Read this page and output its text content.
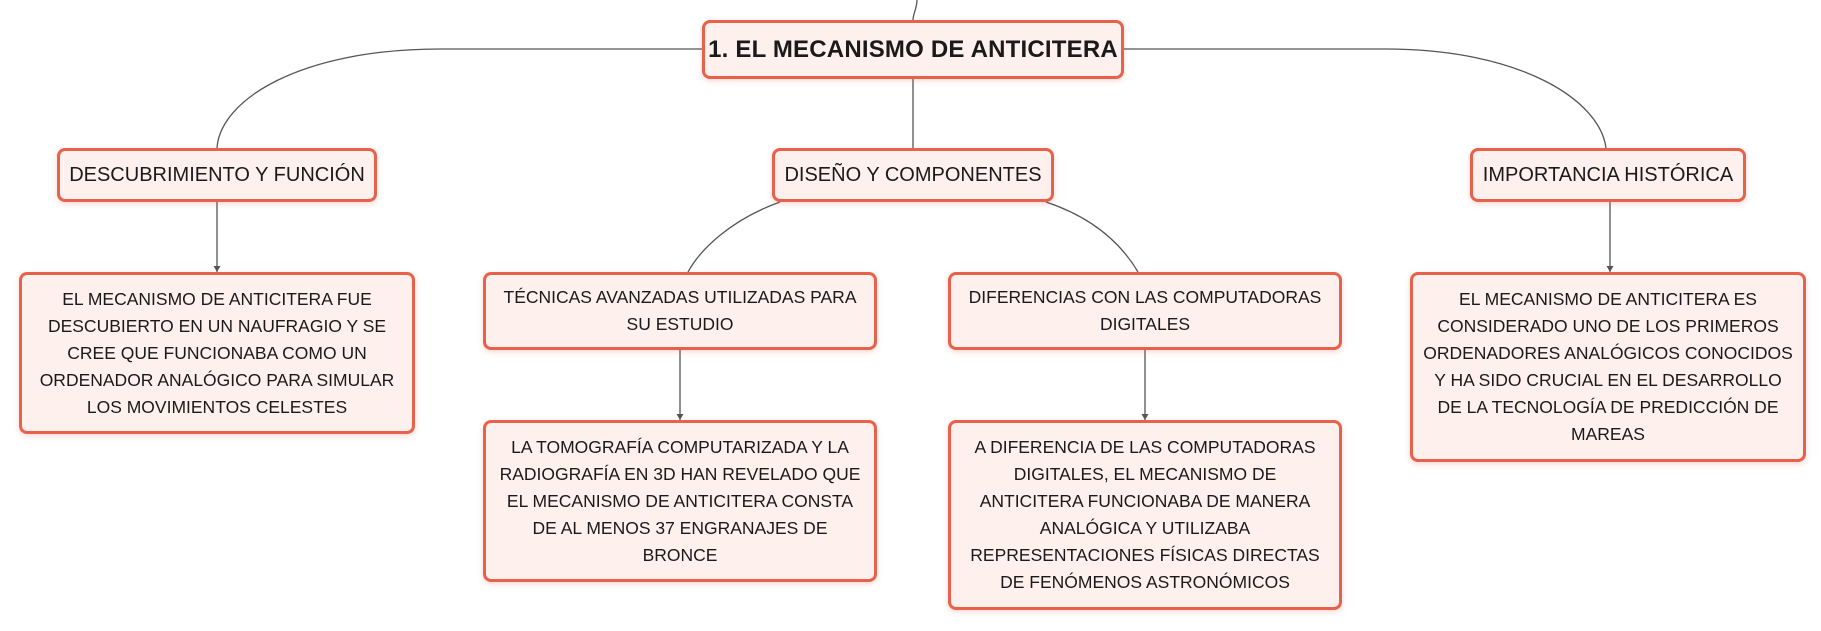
1. EL MECANISMO DE ANTICITERA
DESCUBRIMIENTO Y FUNCIÓN	DISEÑO Y COMPONENTES	IMPORTANCIA HISTÓRICA
EL MECANISMO DE ANTICITERA FUE DESCUBIERTO EN UN NAUFRAGIO Y SE CREE QUE FUNCIONABA COMO UN ORDENADOR ANALÓGICO PARA SIMULAR LOS MOVIMIENTOS CELESTES
TÉCNICAS AVANZADAS UTILIZADAS PARA SU ESTUDIO
DIFERENCIAS CON LAS COMPUTADORAS DIGITALES
LA TOMOGRAFÍA COMPUTARIZADA Y LA RADIOGRAFÍA EN 3D HAN REVELADO QUE EL MECANISMO DE ANTICITERA CONSTA DE AL MENOS 37 ENGRANAJES DE BRONCE
A DIFERENCIA DE LAS COMPUTADORAS DIGITALES, EL MECANISMO DE ANTICITERA FUNCIONABA DE MANERA ANALÓGICA Y UTILIZABA REPRESENTACIONES FÍSICAS DIRECTAS DE FENÓMENOS ASTRONÓMICOS
EL MECANISMO DE ANTICITERA ES CONSIDERADO UNO DE LOS PRIMEROS ORDENADORES ANALÓGICOS CONOCIDOS Y HA SIDO CRUCIAL EN EL DESARROLLO DE LA TECNOLOGÍA DE PREDICCIÓN DE MAREAS
